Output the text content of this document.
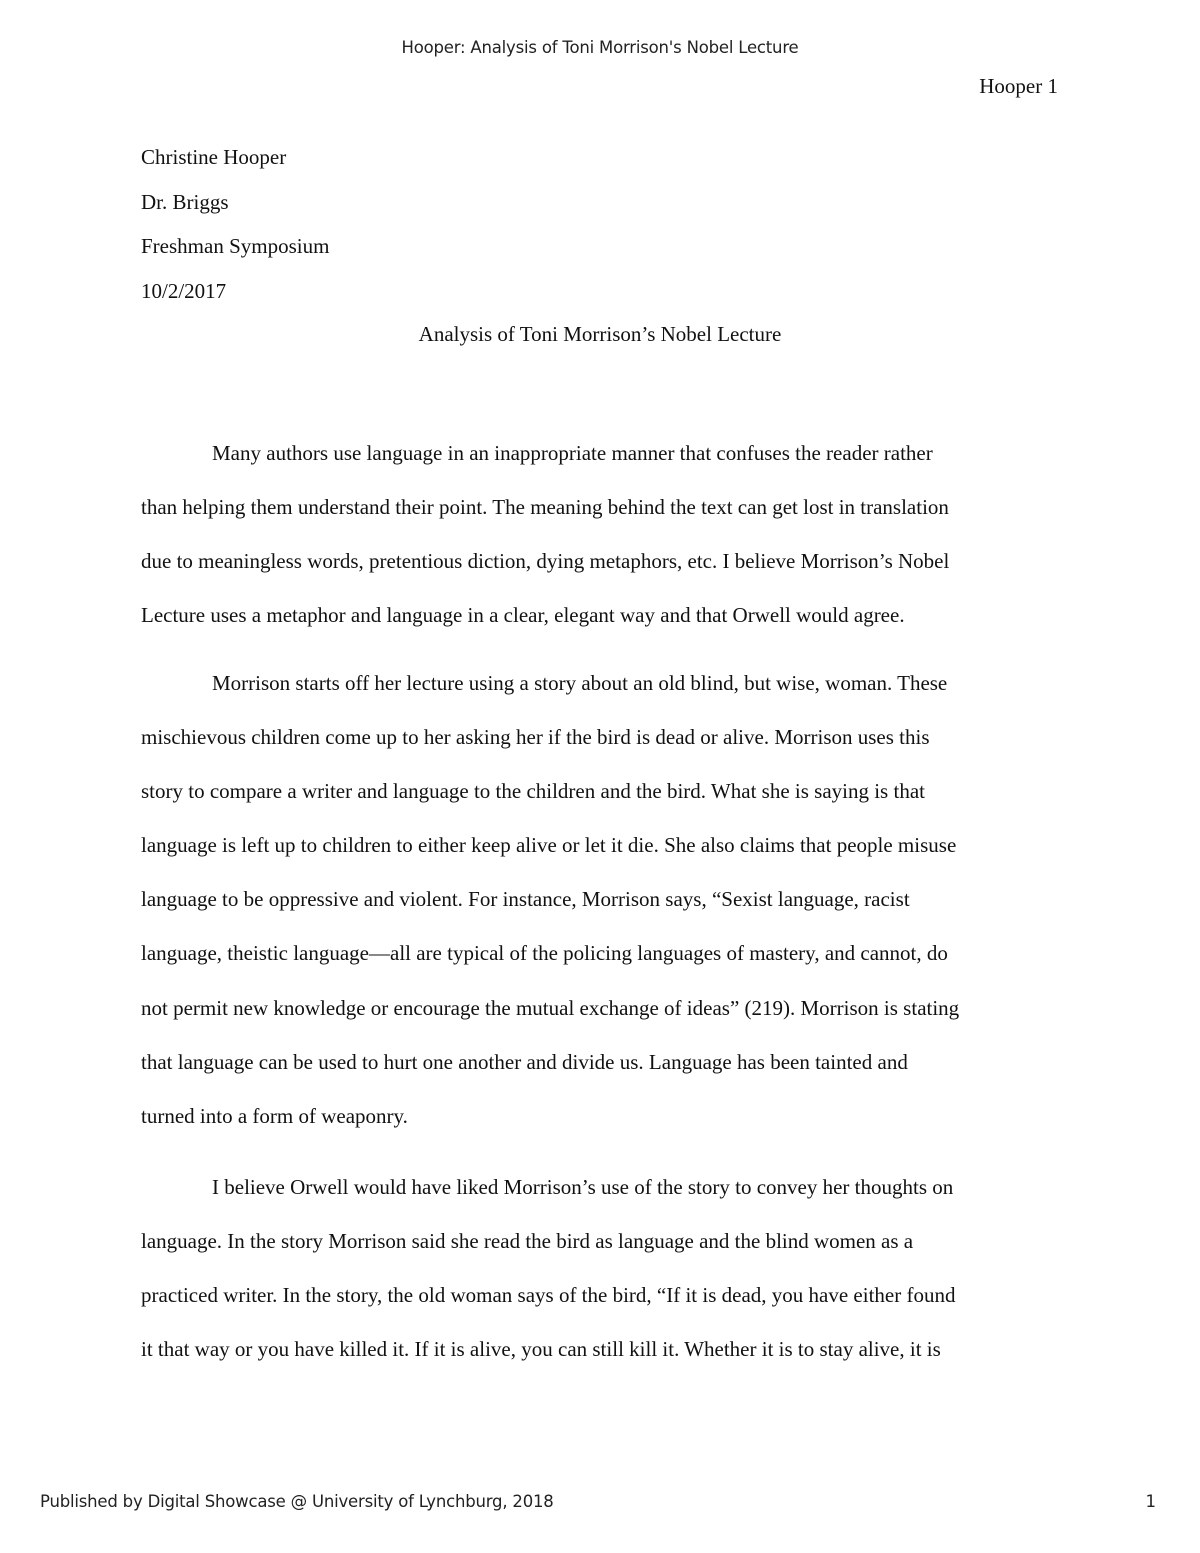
Hooper: Analysis of Toni Morrison's Nobel Lecture
Hooper 1
Christine Hooper
Dr. Briggs
Freshman Symposium
10/2/2017
Analysis of Toni Morrison’s Nobel Lecture
Many authors use language in an inappropriate manner that confuses the reader rather
than helping them understand their point. The meaning behind the text can get lost in translation
due to meaningless words, pretentious diction, dying metaphors, etc. I believe Morrison’s Nobel
Lecture uses a metaphor and language in a clear, elegant way and that Orwell would agree.
Morrison starts off her lecture using a story about an old blind, but wise, woman. These
mischievous children come up to her asking her if the bird is dead or alive. Morrison uses this
story to compare a writer and language to the children and the bird. What she is saying is that
language is left up to children to either keep alive or let it die. She also claims that people misuse
language to be oppressive and violent. For instance, Morrison says, “Sexist language, racist
language, theistic language—all are typical of the policing languages of mastery, and cannot, do
not permit new knowledge or encourage the mutual exchange of ideas” (219). Morrison is stating
that language can be used to hurt one another and divide us. Language has been tainted and
turned into a form of weaponry.
I believe Orwell would have liked Morrison’s use of the story to convey her thoughts on
language. In the story Morrison said she read the bird as language and the blind women as a
practiced writer. In the story, the old woman says of the bird, “If it is dead, you have either found
it that way or you have killed it. If it is alive, you can still kill it. Whether it is to stay alive, it is
Published by Digital Showcase @ University of Lynchburg, 2018	1
